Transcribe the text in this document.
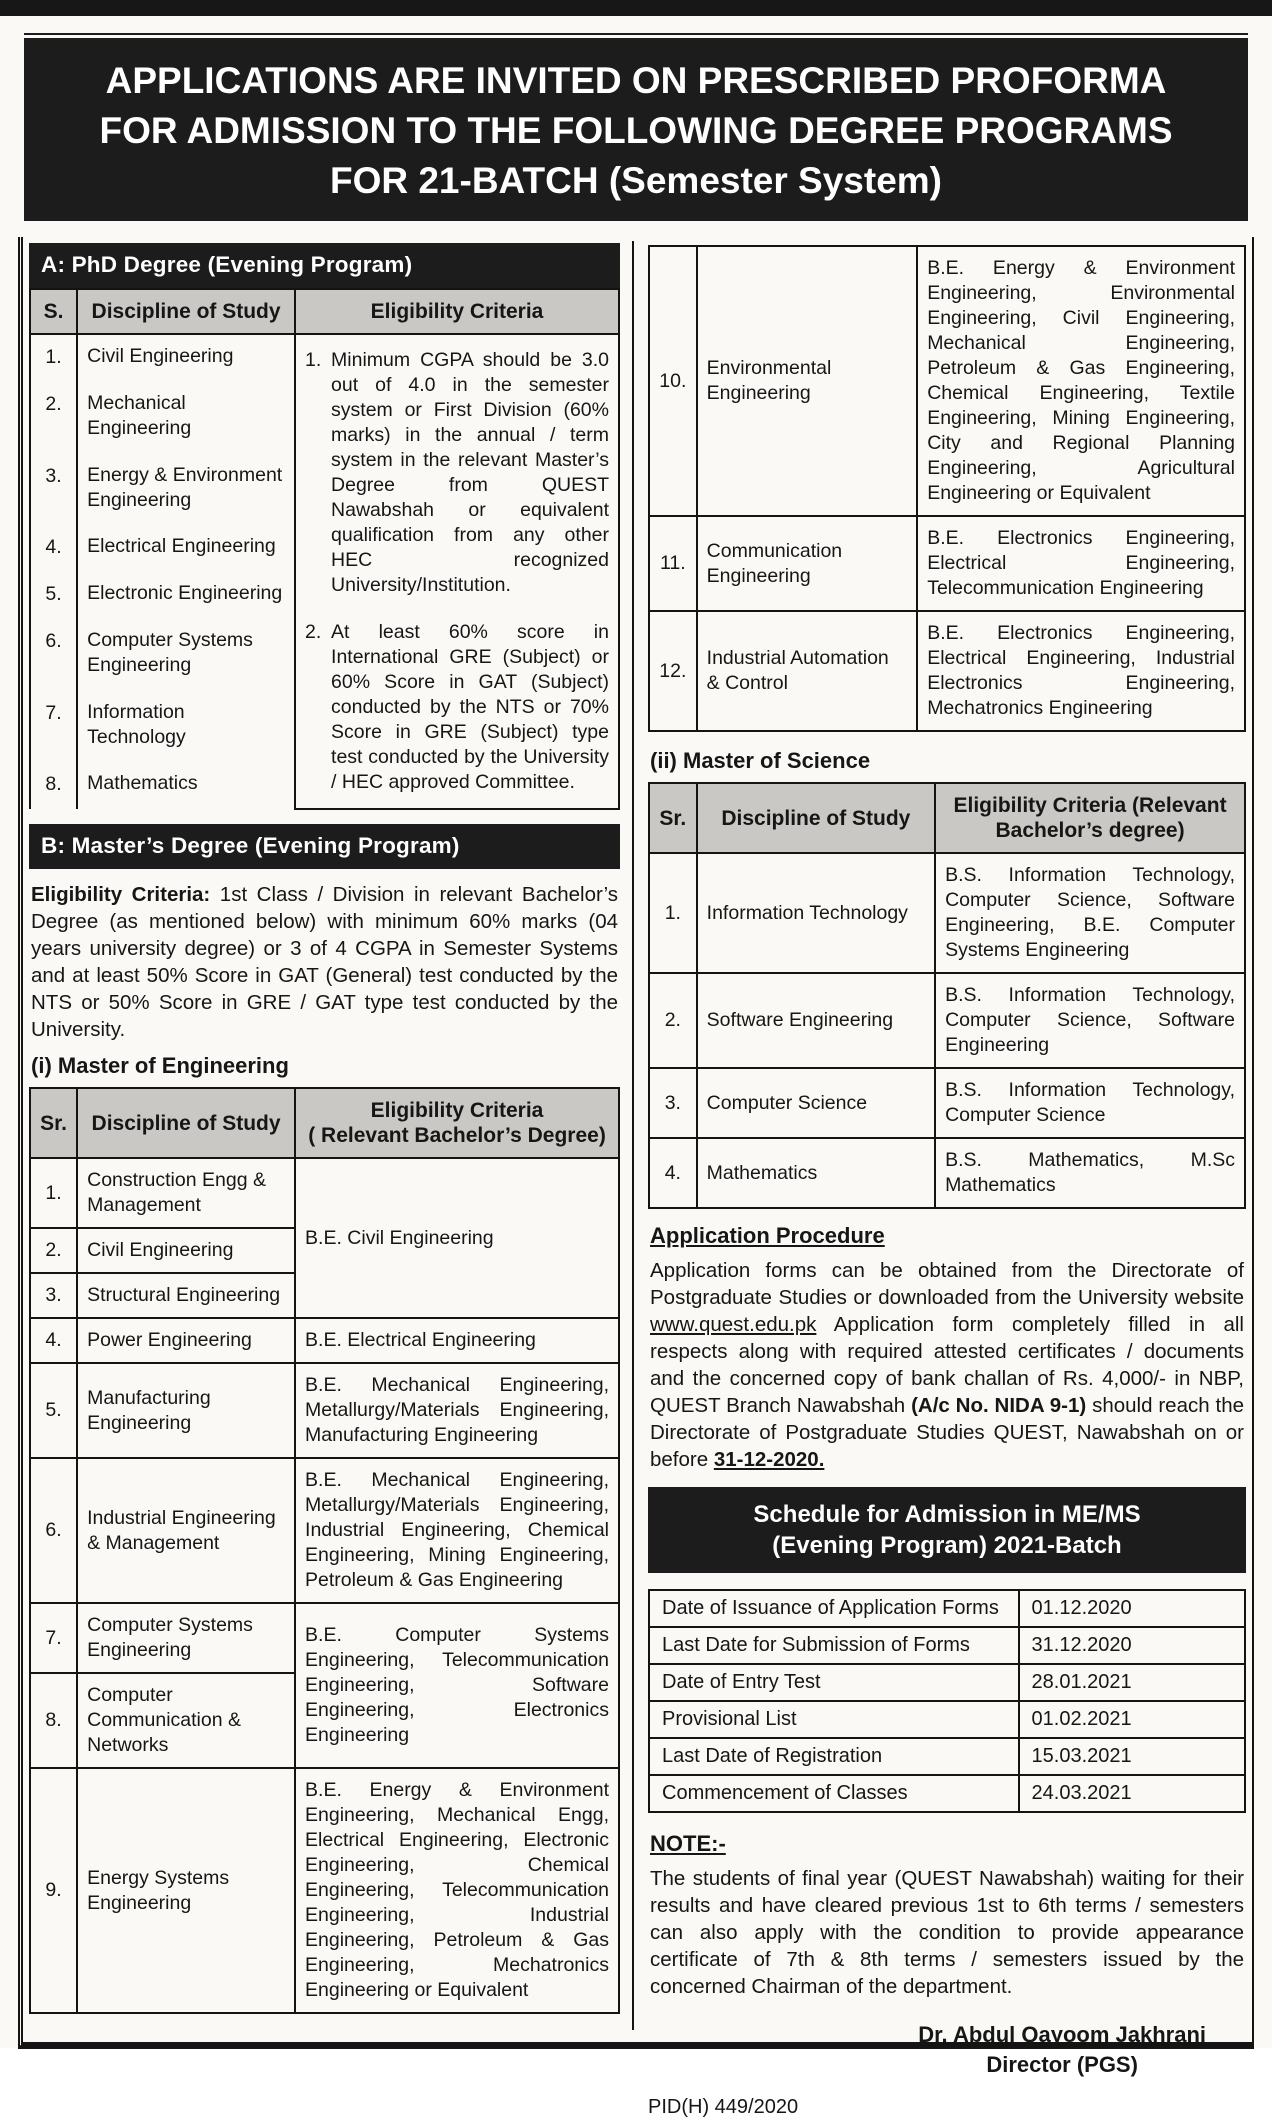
APPLICATIONS ARE INVITED ON PRESCRIBED PROFORMA
FOR ADMISSION TO THE FOLLOWING DEGREE PROGRAMS
FOR 21-BATCH (Semester System)
A: PhD Degree (Evening Program)
S.	Discipline of Study	Eligibility Criteria
1.	Civil Engineering	1. Minimum CGPA should be 3.0 out of 4.0 in the semester system or First Division (60% marks) in the annual / term system in the relevant Master’s Degree from QUEST Nawabshah or equivalent qualification from any other HEC recognized University/Institution.
2. At least 60% score in International GRE (Subject) or 60% Score in GAT (Subject) conducted by the NTS or 70% Score in GRE (Subject) type test conducted by the University / HEC approved Committee.

2.	Mechanical Engineering	
3.	Energy & Environment Engineering	
4.	Electrical Engineering	
5.	Electronic Engineering	
6.	Computer Systems Engineering	
7.	Information Technology	
8.	Mathematics	
B: Master’s Degree (Evening Program)

Eligibility Criteria: 1st Class / Division in relevant Bachelor’s Degree (as mentioned below) with minimum 60% marks (04 years university degree) or 3 of 4 CGPA in Semester Systems and at least 50% Score in GAT (General) test conducted by the NTS or 50% Score in GRE / GAT type test conducted by the University.

(i) Master of Engineering
Sr.	Discipline of Study	Eligibility Criteria
( Relevant Bachelor’s Degree)

1.	Construction Engg & Management	B.E. Civil Engineering
2.	Civil Engineering	
3.	Structural Engineering	
4.	Power Engineering	B.E. Electrical Engineering
5.	Manufacturing Engineering	B.E. Mechanical Engineering, Metallurgy/Materials Engineering, Manufacturing Engineering
6.	Industrial Engineering & Management	B.E. Mechanical Engineering, Metallurgy/Materials Engineering, Industrial Engineering, Chemical Engineering, Mining Engineering, Petroleum & Gas Engineering
7.	Computer Systems Engineering	B.E. Computer Systems Engineering, Telecommunication Engineering, Software Engineering, Electronics Engineering
8.	Computer Communication & Networks	
9.	Energy Systems Engineering	B.E. Energy & Environment Engineering, Mechanical Engg, Electrical Engineering, Electronic Engineering, Chemical Engineering, Telecommunication Engineering, Industrial Engineering, Petroleum & Gas Engineering, Mechatronics Engineering or Equivalent
10.	Environmental Engineering	B.E. Energy & Environment Engineering, Environmental Engineering, Civil Engineering, Mechanical Engineering, Petroleum & Gas Engineering, Chemical Engineering, Textile Engineering, Mining Engineering, City and Regional Planning Engineering, Agricultural Engineering or Equivalent
11.	Communication Engineering	B.E. Electronics Engineering, Electrical Engineering, Telecommunication Engineering
12.	Industrial Automation & Control	B.E. Electronics Engineering, Electrical Engineering, Industrial Electronics Engineering, Mechatronics Engineering
(ii) Master of Science
Sr.	Discipline of Study	Eligibility Criteria (Relevant Bachelor’s degree)
1.	Information Technology	B.S. Information Technology, Computer Science, Software Engineering, B.E. Computer Systems Engineering
2.	Software Engineering	B.S. Information Technology, Computer Science, Software Engineering
3.	Computer Science	B.S. Information Technology, Computer Science
4.	Mathematics	B.S. Mathematics, M.Sc Mathematics
Application Procedure

Application forms can be obtained from the Directorate of Postgraduate Studies or downloaded from the University website www.quest.edu.pk Application form completely filled in all respects along with required attested certificates / documents and the concerned copy of bank challan of Rs. 4,000/- in NBP, QUEST Branch Nawabshah (A/c No. NIDA 9-1) should reach the Directorate of Postgraduate Studies QUEST, Nawabshah on or before 31-12-2020.

Schedule for Admission in ME/MS
(Evening Program) 2021-Batch
Date of Issuance of Application Forms	01.12.2020
Last Date for Submission of Forms	31.12.2020
Date of Entry Test	28.01.2021
Provisional List	01.02.2021
Last Date of Registration	15.03.2021
Commencement of Classes	24.03.2021
NOTE:-

The students of final year (QUEST Nawabshah) waiting for their results and have cleared previous 1st to 6th terms / semesters can also apply with the condition to provide appearance certificate of 7th & 8th terms / semesters issued by the concerned Chairman of the department.

Dr. Abdul Qayoom Jakhrani
Director (PGS)
PID(H) 449/2020
